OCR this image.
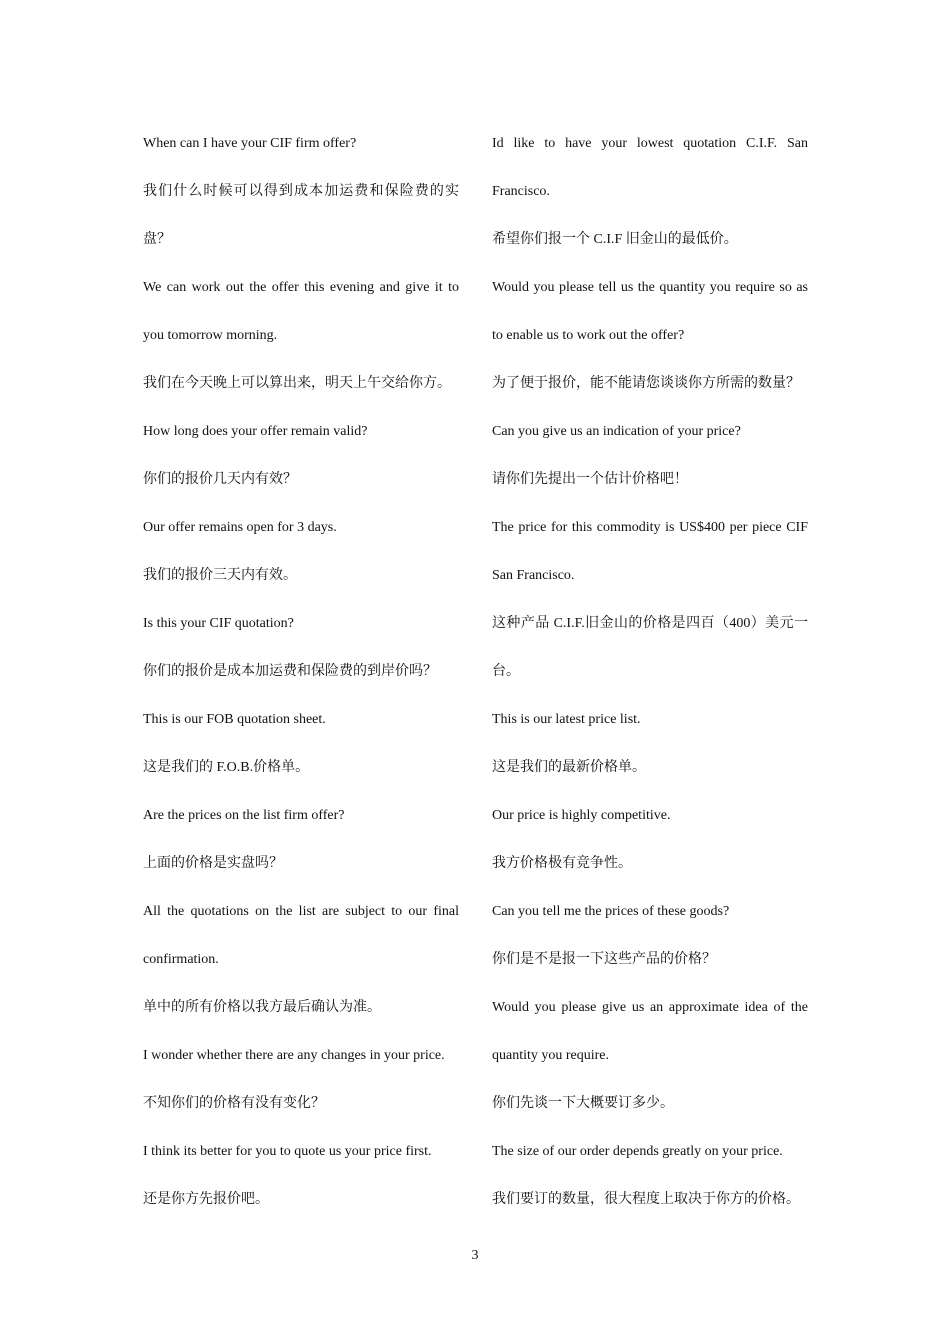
When can I have your CIF firm offer?
我们什么时候可以得到成本加运费和保险费的实
盘？
We can work out the offer this evening and give it to
you tomorrow morning.
我们在今天晚上可以算出来，明天上午交给你方。
How long does your offer remain valid?
你们的报价几天内有效？
Our offer remains open for 3 days.
我们的报价三天内有效。
Is this your CIF quotation?
你们的报价是成本加运费和保险费的到岸价吗？
This is our FOB quotation sheet.
这是我们的 F.O.B.价格单。
Are the prices on the list firm offer?
上面的价格是实盘吗？
All the quotations on the list are subject to our final
confirmation.
单中的所有价格以我方最后确认为准。
I wonder whether there are any changes in your price.
不知你们的价格有没有变化？
I think its better for you to quote us your price first.
还是你方先报价吧。
Id like to have your lowest quotation C.I.F. San
Francisco.
希望你们报一个 C.I.F 旧金山的最低价。
Would you please tell us the quantity you require so as
to enable us to work out the offer?
为了便于报价，能不能请您谈谈你方所需的数量？
Can you give us an indication of your price?
请你们先提出一个估计价格吧！
The price for this commodity is US$400 per piece CIF
San Francisco.
这种产品 C.I.F.旧金山的价格是四百（400）美元一
台。
This is our latest price list.
这是我们的最新价格单。
Our price is highly competitive.
我方价格极有竞争性。
Can you tell me the prices of these goods?
你们是不是报一下这些产品的价格？
Would you please give us an approximate idea of the
quantity you require.
你们先谈一下大概要订多少。
The size of our order depends greatly on your price.
我们要订的数量，很大程度上取决于你方的价格。
3
